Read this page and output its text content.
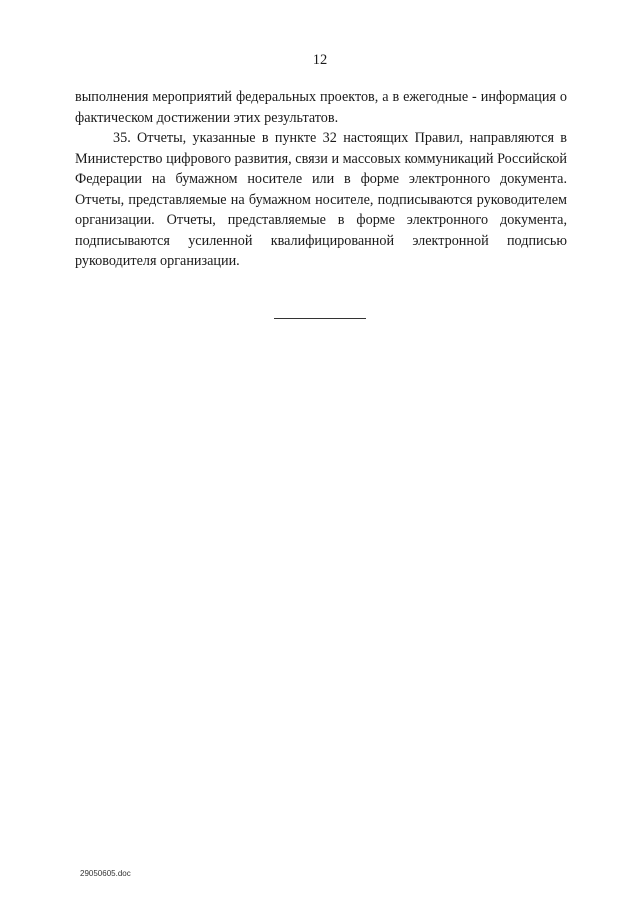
12

выполнения мероприятий федеральных проектов, а в ежегодные - информация о фактическом достижении этих результатов.

35. Отчеты, указанные в пункте 32 настоящих Правил, направляются в Министерство цифрового развития, связи и массовых коммуникаций Российской Федерации на бумажном носителе или в форме электронного документа. Отчеты, представляемые на бумажном носителе, подписываются руководителем организации. Отчеты, представляемые в форме электронного документа, подписываются усиленной квалифицированной электронной подписью руководителя организации.

29050605.doc
